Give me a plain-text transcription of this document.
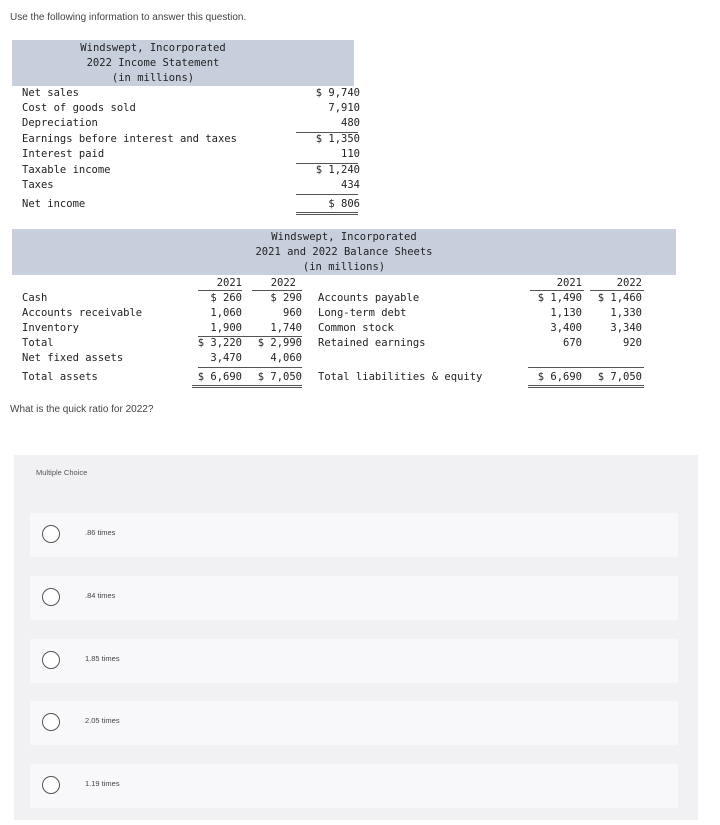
Use the following information to answer this question.
Windswept, Incorporated
2022 Income Statement
(in millions)
Net sales	$ 9,740
Cost of goods sold	7,910
Depreciation	480
Earnings before interest and taxes	$ 1,350
Interest paid	110
Taxable income	$ 1,240
Taxes	434
Net income	$ 806
Windswept, Incorporated
2021 and 2022 Balance Sheets
(in millions)
2021	2022	2021	2022
Cash	$ 260	$ 290
Accounts receivable	1,060	960
Inventory	1,900	1,740
Total	$ 3,220	$ 2,990
Net fixed assets	3,470	4,060
Total assets	$ 6,690	$ 7,050
Accounts payable	$ 1,490	$ 1,460
Long-term debt	1,130	1,330
Common stock	3,400	3,340
Retained earnings	670	920
Total liabilities & equity	$ 6,690	$ 7,050
What is the quick ratio for 2022?
Multiple Choice
.86 times
.84 times
1.85 times
2.05 times
1.19 times
